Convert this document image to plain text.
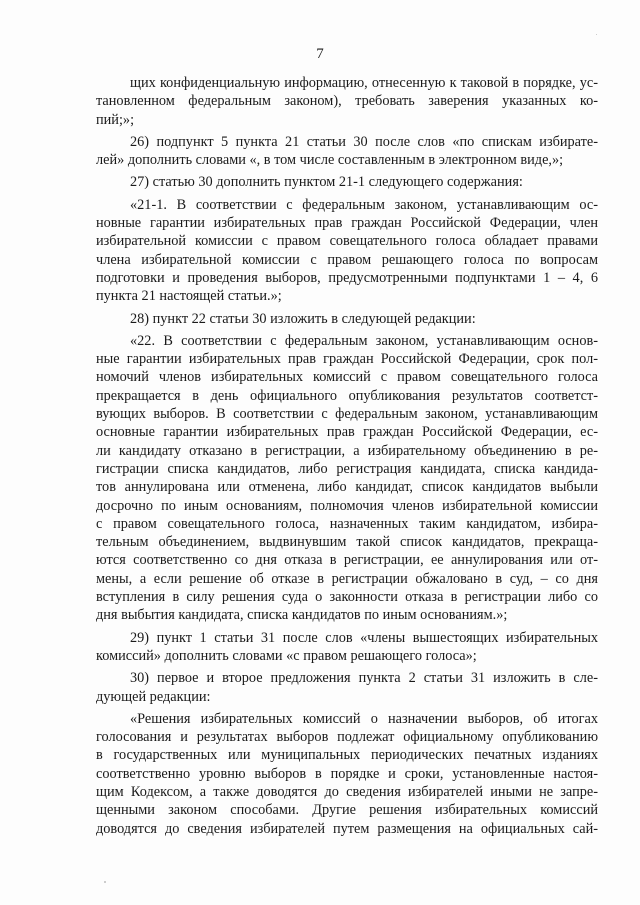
7
щих конфиденциальную информацию, отнесенную к таковой в порядке, ус-
тановленном федеральным законом), требовать заверения указанных ко-
пий;»;
26) подпункт 5 пункта 21 статьи 30 после слов «по спискам избирате-
лей» дополнить словами «, в том числе составленным в электронном виде,»;
27) статью 30 дополнить пунктом 21-1 следующего содержания:
«21-1. В соответствии с федеральным законом, устанавливающим ос-
новные гарантии избирательных прав граждан Российской Федерации, член
избирательной комиссии с правом совещательного голоса обладает правами
члена избирательной комиссии с правом решающего голоса по вопросам
подготовки и проведения выборов, предусмотренными подпунктами 1 – 4, 6
пункта 21 настоящей статьи.»;
28) пункт 22 статьи 30 изложить в следующей редакции:
«22. В соответствии с федеральным законом, устанавливающим основ-
ные гарантии избирательных прав граждан Российской Федерации, срок пол-
номочий членов избирательных комиссий с правом совещательного голоса
прекращается в день официального опубликования результатов соответст-
вующих выборов. В соответствии с федеральным законом, устанавливающим
основные гарантии избирательных прав граждан Российской Федерации, ес-
ли кандидату отказано в регистрации, а избирательному объединению в ре-
гистрации списка кандидатов, либо регистрация кандидата, списка кандида-
тов аннулирована или отменена, либо кандидат, список кандидатов выбыли
досрочно по иным основаниям, полномочия членов избирательной комиссии
с правом совещательного голоса, назначенных таким кандидатом, избира-
тельным объединением, выдвинувшим такой список кандидатов, прекраща-
ются соответственно со дня отказа в регистрации, ее аннулирования или от-
мены, а если решение об отказе в регистрации обжаловано в суд, – со дня
вступления в силу решения суда о законности отказа в регистрации либо со
дня выбытия кандидата, списка кандидатов по иным основаниям.»;
29) пункт 1 статьи 31 после слов «члены вышестоящих избирательных
комиссий» дополнить словами «с правом решающего голоса»;
30) первое и второе предложения пункта 2 статьи 31 изложить в сле-
дующей редакции:
«Решения избирательных комиссий о назначении выборов, об итогах
голосования и результатах выборов подлежат официальному опубликованию
в государственных или муниципальных периодических печатных изданиях
соответственно уровню выборов в порядке и сроки, установленные настоя-
щим Кодексом, а также доводятся до сведения избирателей иными не запре-
щенными законом способами. Другие решения избирательных комиссий
доводятся до сведения избирателей путем размещения на официальных сай-
